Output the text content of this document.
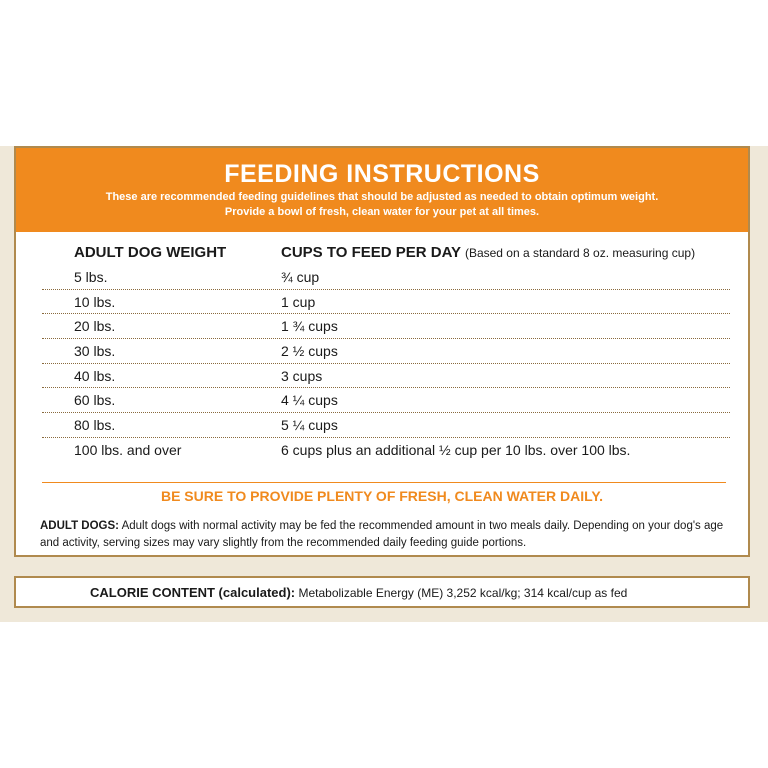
FEEDING INSTRUCTIONS
These are recommended feeding guidelines that should be adjusted as needed to obtain optimum weight.
Provide a bowl of fresh, clean water for your pet at all times.
ADULT DOG WEIGHT	CUPS TO FEED PER DAY (Based on a standard 8 oz. measuring cup)
5 lbs.	¾ cup
10 lbs.	1 cup
20 lbs.	1 ¾ cups
30 lbs.	2 ½ cups
40 lbs.	3 cups
60 lbs.	4 ¼ cups
80 lbs.	5 ¼ cups
100 lbs. and over	6 cups plus an additional ½ cup per 10 lbs. over 100 lbs.
BE SURE TO PROVIDE PLENTY OF FRESH, CLEAN WATER DAILY.
ADULT DOGS: Adult dogs with normal activity may be fed the recommended amount in two meals daily. Depending on your dog's age and activity, serving sizes may vary slightly from the recommended daily feeding guide portions.
CALORIE CONTENT (calculated): Metabolizable Energy (ME) 3,252 kcal/kg; 314 kcal/cup as fed
